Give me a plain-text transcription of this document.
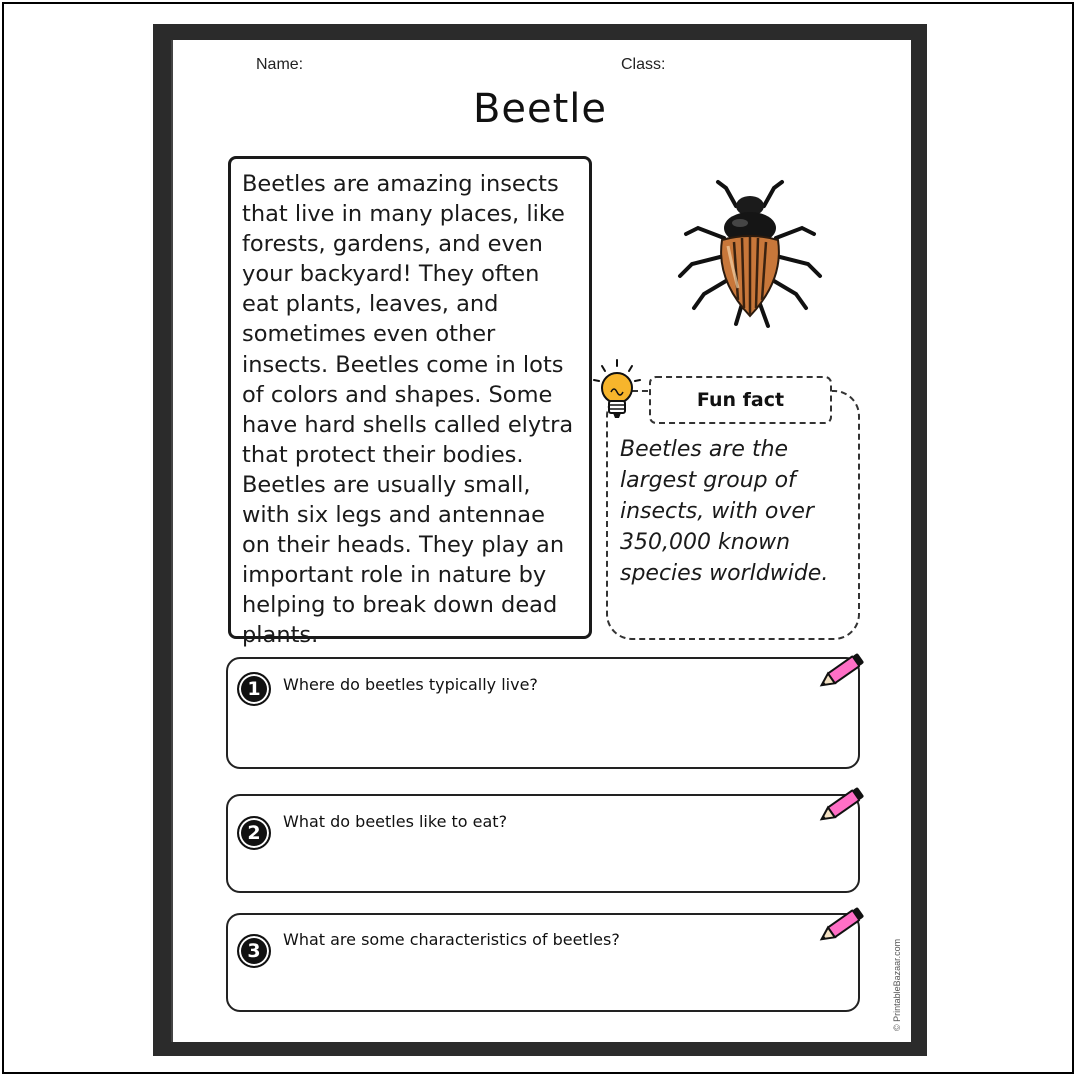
Name:	Class:
Beetle

Beetles are amazing insects that live in many places, like forests, gardens, and even your backyard! They often eat plants, leaves, and sometimes even other insects. Beetles come in lots of colors and shapes. Some have hard shells called elytra that protect their bodies. Beetles are usually small, with six legs and antennae on their heads. They play an important role in nature by helping to break down dead plants.

Fun fact
Beetles are the largest group of insects, with over 350,000 known species worldwide.
1	Where do beetles typically live?
2
What do beetles like to eat?
3
What are some characteristics of beetles?	© PrintableBazaar.com
